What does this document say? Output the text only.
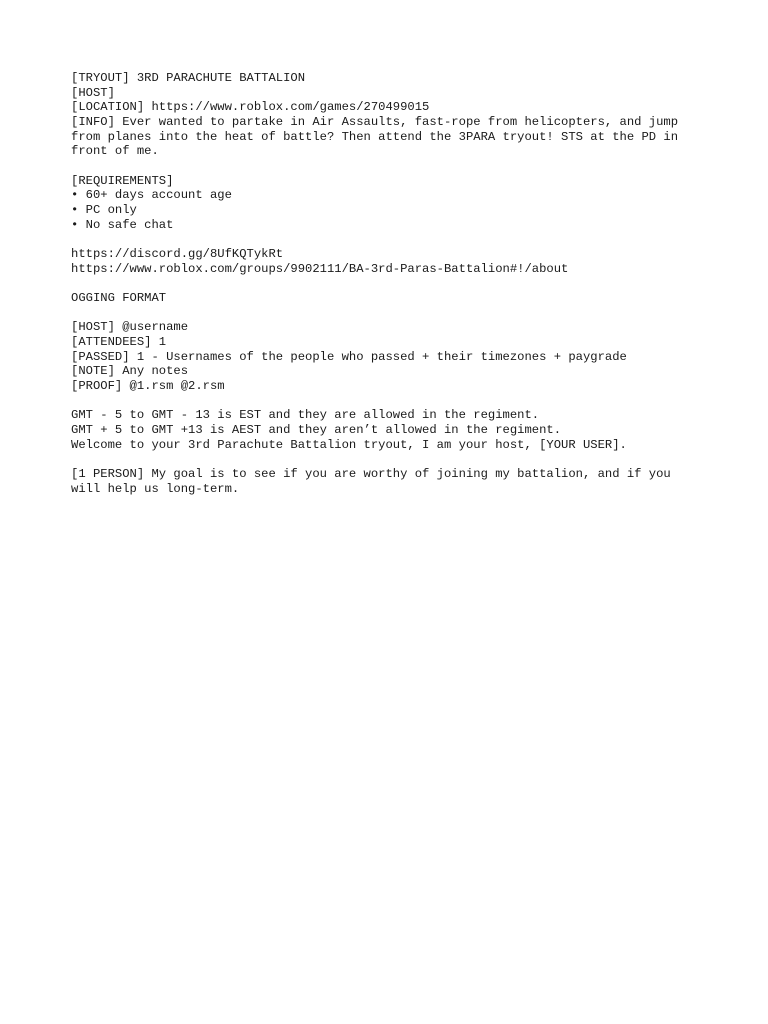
[TRYOUT] 3RD PARACHUTE BATTALION
[HOST]
[LOCATION] https://www.roblox.com/games/270499015
[INFO] Ever wanted to partake in Air Assaults, fast-rope from helicopters, and jump
from planes into the heat of battle? Then attend the 3PARA tryout! STS at the PD in
front of me.
[REQUIREMENTS]
• 60+ days account age
• PC only
• No safe chat
https://discord.gg/8UfKQTykRt
https://www.roblox.com/groups/9902111/BA-3rd-Paras-Battalion#!/about
OGGING FORMAT
[HOST] @username
[ATTENDEES] 1
[PASSED] 1 - Usernames of the people who passed + their timezones + paygrade
[NOTE] Any notes
[PROOF] @1.rsm @2.rsm
GMT - 5 to GMT - 13 is EST and they are allowed in the regiment.
GMT + 5 to GMT +13 is AEST and they aren’t allowed in the regiment.
Welcome to your 3rd Parachute Battalion tryout, I am your host, [YOUR USER].
[1 PERSON] My goal is to see if you are worthy of joining my battalion, and if you
will help us long-term.
